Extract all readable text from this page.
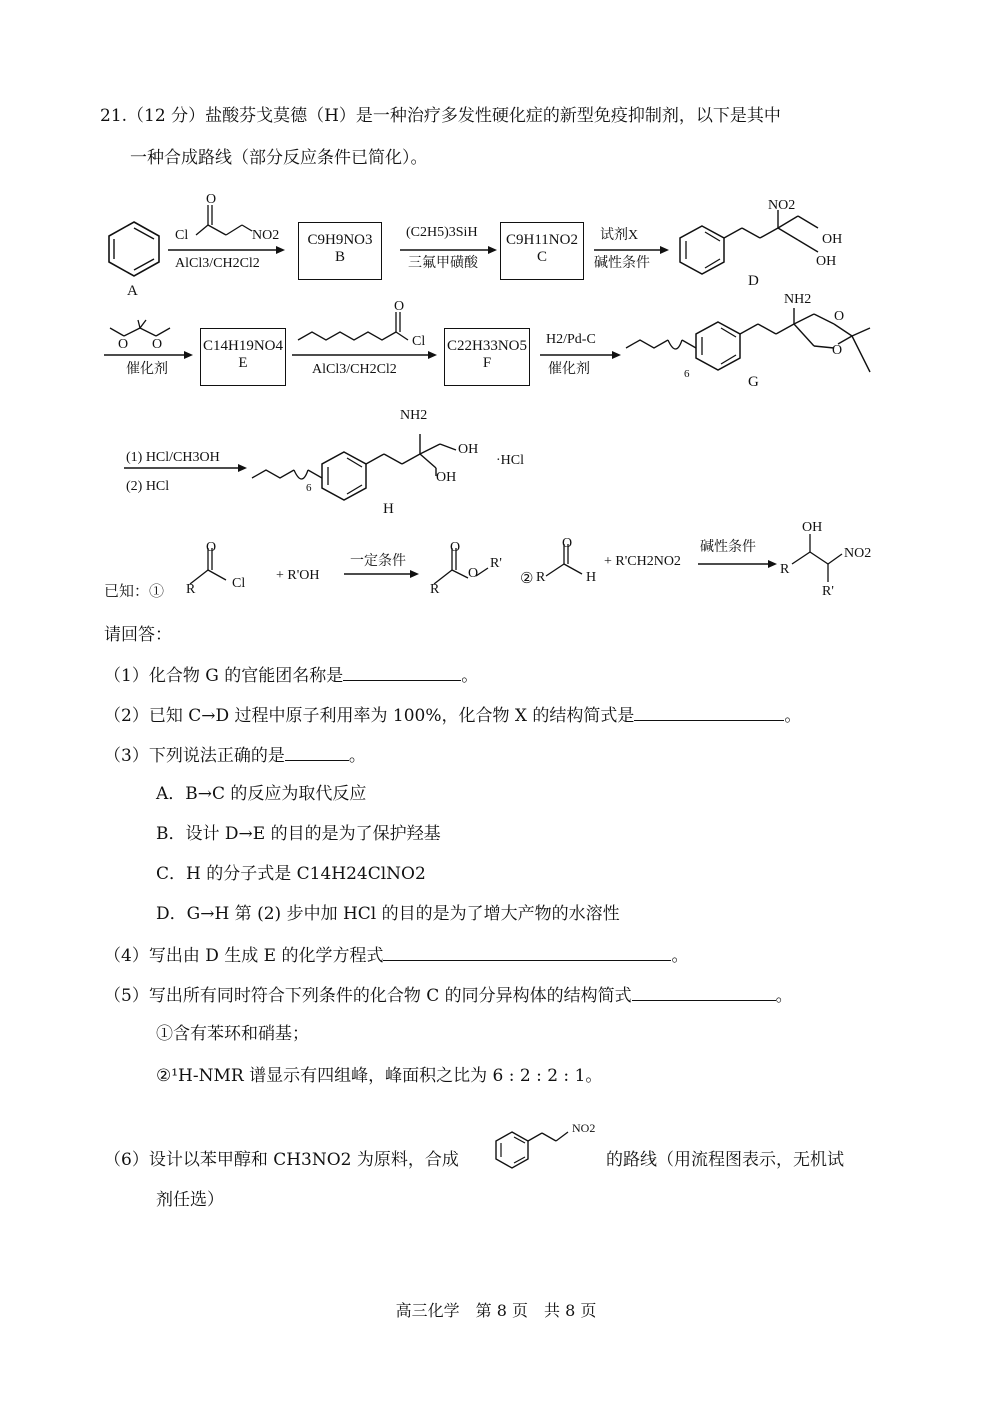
21.（12 分）盐酸芬戈莫德（H）是一种治疗多发性硬化症的新型免疫抑制剂，以下是其中
一种合成路线（部分反应条件已简化）。
A
O
Cl	NO2
AlCl3/CH2Cl2
C9H9NO3
B
(C2H5)3SiH
三氟甲磺酸
C9H11NO2
C
试剂X
碱性条件
NO2
OH
OH
D
O O
催化剂
C14H19NO4
E
O
Cl
AlCl3/CH2Cl2
C22H33NO5
F
H2/Pd-C
催化剂
O
O
NH2
6	G
(1) HCl/CH3OH
(2) HCl
NH2
OH
OH
6
·HCl
H
已知：①
O
R	Cl
+ R'OH
一定条件
O
R
O
R'
②
O
R	H
+ R'CH2NO2
碱性条件
OH
NO2
R
R'
请回答：
（1）化合物 G 的官能团名称是	。
（2）已知 C→D 过程中原子利用率为 100%，化合物 X 的结构简式是	。
（3）下列说法正确的是	。
A．B→C 的反应为取代反应
B．设计 D→E 的目的是为了保护羟基
C．H 的分子式是 C14H24ClNO2
D．G→H 第 (2) 步中加 HCl 的目的是为了增大产物的水溶性
（4）写出由 D 生成 E 的化学方程式	。
（5）写出所有同时符合下列条件的化合物 C 的同分异构体的结构简式	。
①含有苯环和硝基；
②¹H-NMR 谱显示有四组峰，峰面积之比为 6 : 2 : 2 : 1。
（6）设计以苯甲醇和 CH3NO2 为原料，合成
NO2
的路线（用流程图表示，无机试
剂任选）
高三化学　第 8 页　共 8 页
